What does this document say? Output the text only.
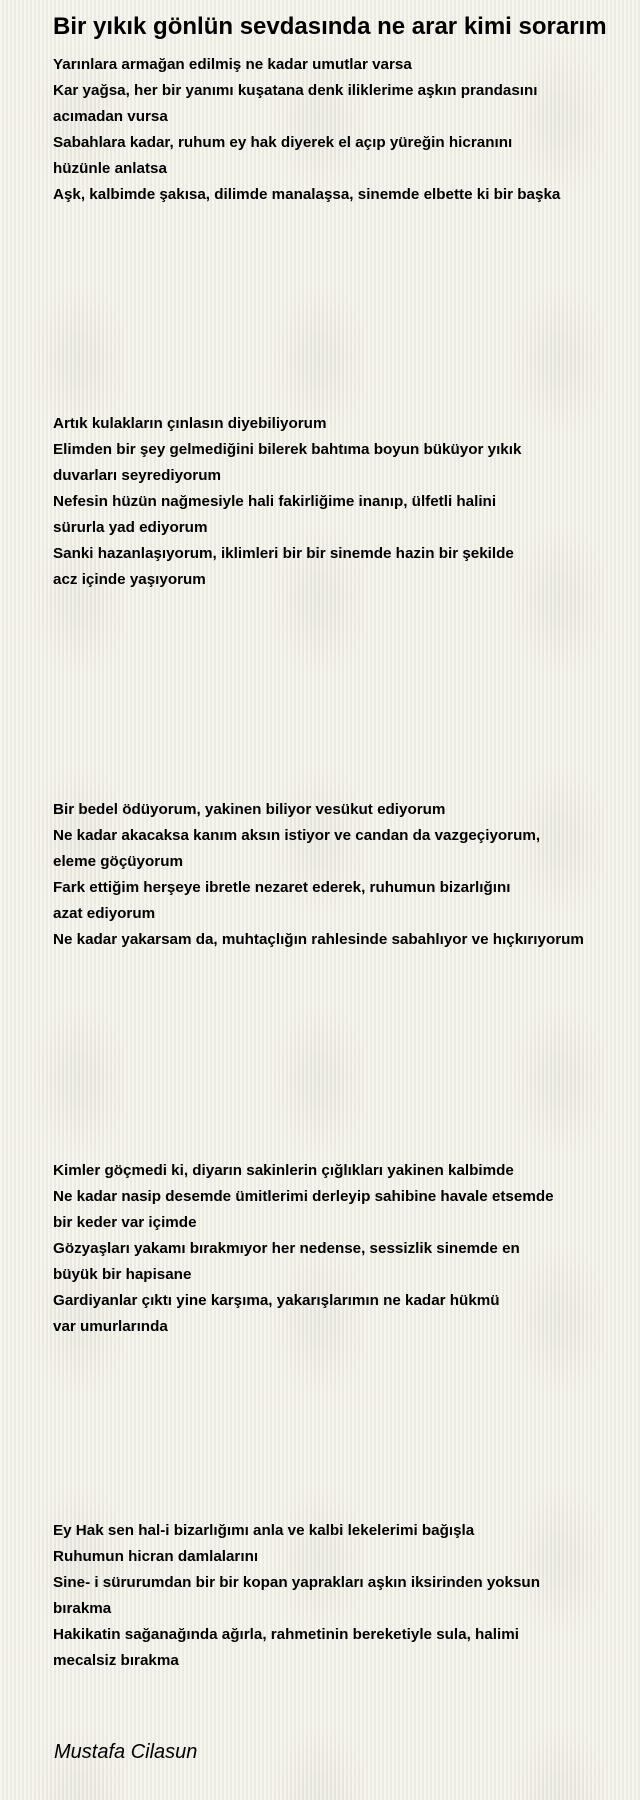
Bir yıkık gönlün sevdasında ne arar kimi sorarım
Yarınlara armağan edilmiş ne kadar umutlar varsa
Kar yağsa, her bir yanımı kuşatana denk iliklerime aşkın prandasını
acımadan vursa
Sabahlara kadar, ruhum ey hak diyerek el açıp yüreğin hicranını
hüzünle anlatsa
Aşk, kalbimde şakısa, dilimde manalaşsa, sinemde elbette ki bir başka
Artık kulakların çınlasın diyebiliyorum
Elimden bir şey gelmediğini bilerek bahtıma boyun büküyor yıkık
duvarları seyrediyorum
Nefesin hüzün nağmesiyle hali fakirliğime inanıp, ülfetli halini
sürurla yad ediyorum
Sanki hazanlaşıyorum, iklimleri bir bir sinemde hazin bir şekilde
acz içinde yaşıyorum
Bir bedel ödüyorum, yakinen biliyor vesükut ediyorum
Ne kadar akacaksa kanım aksın istiyor ve candan da vazgeçiyorum,
eleme göçüyorum
Fark ettiğim herşeye ibretle nezaret ederek, ruhumun bizarlığını
azat ediyorum
Ne kadar yakarsam da, muhtaçlığın rahlesinde sabahlıyor ve hıçkırıyorum
Kimler göçmedi ki, diyarın sakinlerin çığlıkları yakinen kalbimde
Ne kadar nasip desemde ümitlerimi derleyip sahibine havale etsemde
bir keder var içimde
Gözyaşları yakamı bırakmıyor her nedense, sessizlik sinemde en
büyük bir hapisane
Gardiyanlar çıktı yine karşıma, yakarışlarımın ne kadar hükmü
var umurlarında
Ey Hak sen hal-i bizarlığımı anla ve kalbi lekelerimi bağışla
Ruhumun hicran damlalarını
Sine- i sürurumdan bir bir kopan yaprakları aşkın iksirinden yoksun
bırakma
Hakikatin sağanağında ağırla, rahmetinin bereketiyle sula, halimi
mecalsiz bırakma
Mustafa Cilasun
